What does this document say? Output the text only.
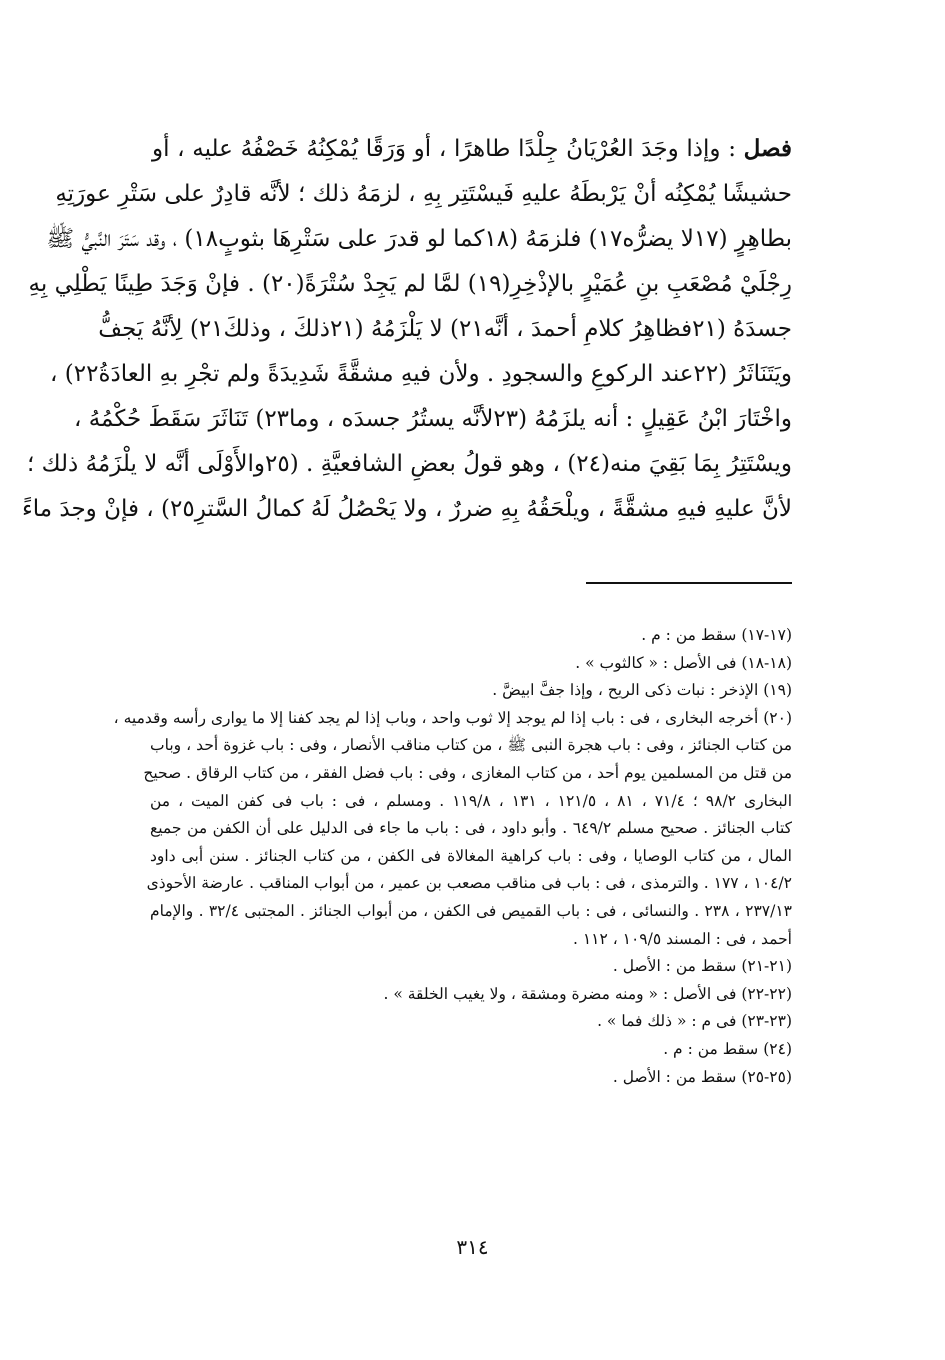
فصل : وإذا وجَدَ العُرْيَانُ جِلْدًا طاهرًا ، أو وَرَقًا يُمْكِنُهُ خَصْفُهُ عليه ، أو

حشيشًا يُمْكِنُه أنْ يَرْبطَهُ عليهِ فَيسْتَتِر بِهِ ، لزمَهُ ذلك ؛ لأنَّه قادِرٌ على سَتْرِ عورَتِهِ

بطاهِرٍ (١٧لا يضرُّه١٧) فلزمَهُ (١٨كما لو قدرَ على سَتْرِهَا بثوبٍ١٨) ، وقد سَتَرَ النَّبيُّ ﷺ

رِجْلَيْ مُصْعَبِ بنِ عُمَيْرٍ بالإذْخِرِ(١٩) لمَّا لم يَجِدْ سُتْرَةً(٢٠) . فإنْ وَجَدَ طِينًا يَطْلِي بِهِ

جسدَهُ (٢١فظاهِرُ كلامِ أحمدَ ، أنَّه٢١) لا يَلْزَمُهُ (٢١ذلكَ ، وذلكَ٢١) لِأنَّهُ يَجفُّ

ويَتَنَاثَرُ (٢٢عند الركوعِ والسجودِ . ولأن فيهِ مشقَّةً شَدِيدَةً ولم تجْرِ بهِ العادَةُ٢٢) ،

واخْتَارَ ابْنُ عَقِيلٍ : أنه يلزَمُهُ (٢٣لأنَّه يستُرُ جسدَه ، وما٢٣) تَنَاثَرَ سَقَطَ حُكْمُهُ ،

ويسْتَتِرُ بِمَا بَقِيَ منه(٢٤) ، وهو قولُ بعضِ الشافعيَّةِ . (٢٥والأَوْلَى أنَّه لا يلْزَمُهُ ذلك ؛

لأنَّ عليهِ فيهِ مشقَّةً ، ويلْحَقُهُ بِهِ ضررٌ ، ولا يَحْصُلُ لَهُ كمالُ السَّترِ٢٥) ، فإنْ وجدَ ماءً

(١٧-١٧) سقط من : م .

(١٨-١٨) فى الأصل : « كالثوب » .

(١٩) الإذخر : نبات ذكى الريح ، وإذا جفَّ ابيضَّ .

(٢٠) أخرجه البخارى ، فى : باب إذا لم يوجد إلا ثوب واحد ، وباب إذا لم يجد كفنا إلا ما يوارى رأسه وقدميه ،

من كتاب الجنائز ، وفى : باب هجرة النبى ﷺ ، من كتاب مناقب الأنصار ، وفى : باب غزوة أحد ، وباب

من قتل من المسلمين يوم أحد ، من كتاب المغازى ، وفى : باب فضل الفقر ، من كتاب الرقاق . صحيح

البخارى ٩٨/٢ ؛ ٧١/٤ ، ٨١ ، ١٢١/٥ ، ١٣١ ، ١١٩/٨ . ومسلم ، فى : باب فى كفن الميت ، من

كتاب الجنائز . صحيح مسلم ٦٤٩/٢ . وأبو داود ، فى : باب ما جاء فى الدليل على أن الكفن من جميع

المال ، من كتاب الوصايا ، وفى : باب كراهية المغالاة فى الكفن ، من كتاب الجنائز . سنن أبى داود

١٠٤/٢ ، ١٧٧ . والترمذى ، فى : باب فى مناقب مصعب بن عمير ، من أبواب المناقب . عارضة الأحوذى

٢٣٧/١٣ ، ٢٣٨ . والنسائى ، فى : باب القميص فى الكفن ، من أبواب الجنائز . المجتبى ٣٢/٤ . والإمام

أحمد ، فى : المسند ١٠٩/٥ ، ١١٢ .

(٢١-٢١) سقط من : الأصل .

(٢٢-٢٢) فى الأصل : « ومنه مضرة ومشقة ، ولا يغيب الخلقة » .

(٢٣-٢٣) فى م : « ذلك فما » .

(٢٤) سقط من : م .

(٢٥-٢٥) سقط من : الأصل .

٣١٤
